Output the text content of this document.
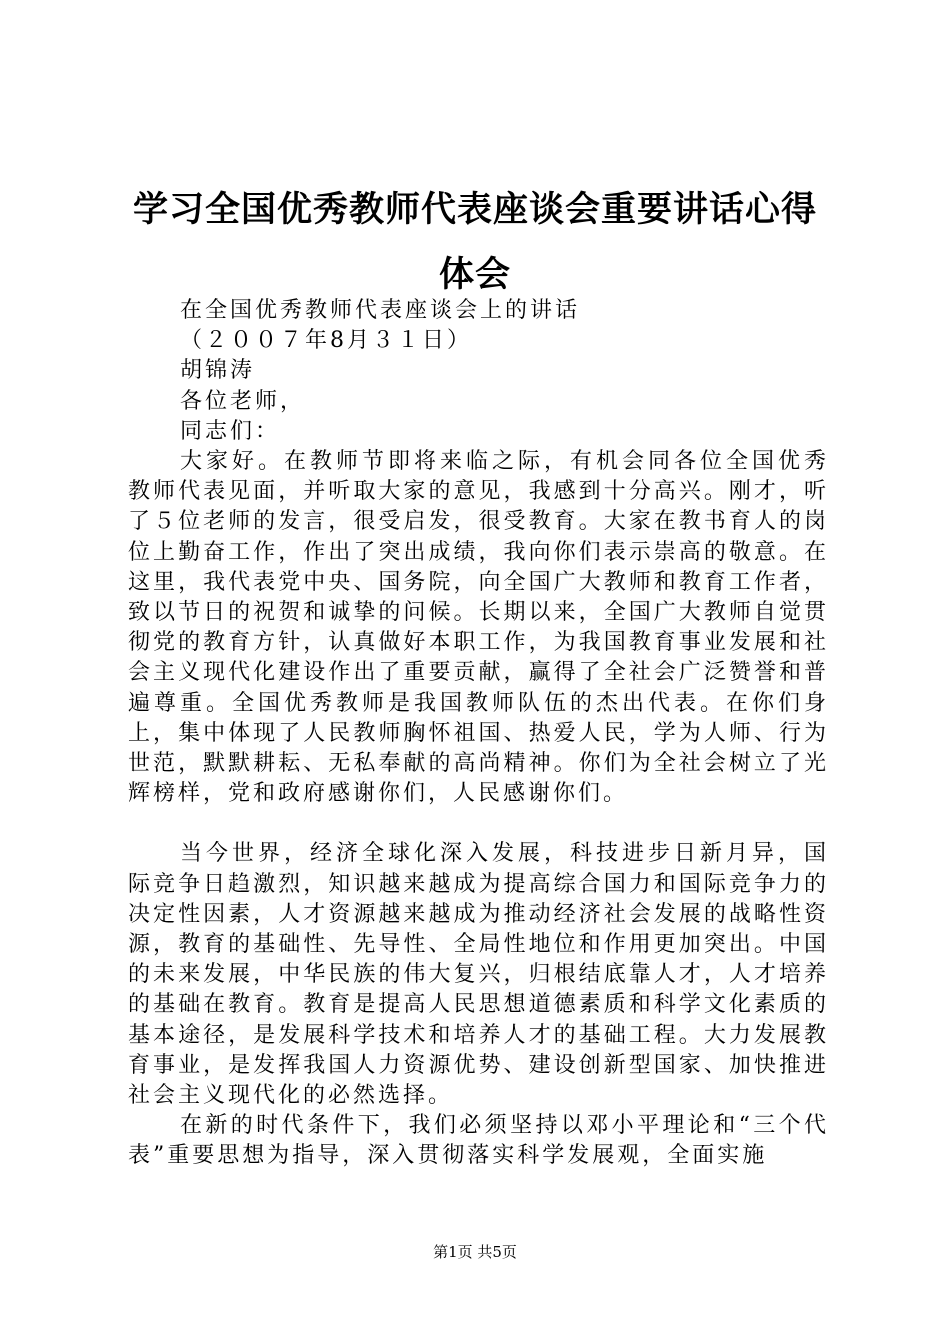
学习全国优秀教师代表座谈会重要讲话心得体会
在全国优秀教师代表座谈会上的讲话
（２００７年8月３１日）
胡锦涛
各位老师，
同志们：

大家好。在教师节即将来临之际，有机会同各位全国优秀教师代表见面，并听取大家的意见，我感到十分高兴。刚才，听了５位老师的发言，很受启发，很受教育。大家在教书育人的岗位上勤奋工作，作出了突出成绩，我向你们表示崇高的敬意。在这里，我代表党中央、国务院，向全国广大教师和教育工作者，致以节日的祝贺和诚挚的问候。长期以来，全国广大教师自觉贯彻党的教育方针，认真做好本职工作，为我国教育事业发展和社会主义现代化建设作出了重要贡献，赢得了全社会广泛赞誉和普遍尊重。全国优秀教师是我国教师队伍的杰出代表。在你们身上，集中体现了人民教师胸怀祖国、热爱人民，学为人师、行为世范，默默耕耘、无私奉献的高尚精神。你们为全社会树立了光辉榜样，党和政府感谢你们，人民感谢你们。

当今世界，经济全球化深入发展，科技进步日新月异，国际竞争日趋激烈，知识越来越成为提高综合国力和国际竞争力的决定性因素，人才资源越来越成为推动经济社会发展的战略性资源，教育的基础性、先导性、全局性地位和作用更加突出。中国的未来发展，中华民族的伟大复兴，归根结底靠人才，人才培养的基础在教育。教育是提高人民思想道德素质和科学文化素质的基本途径，是发展科学技术和培养人才的基础工程。大力发展教育事业，是发挥我国人力资源优势、建设创新型国家、加快推进社会主义现代化的必然选择。

在新的时代条件下，我们必须坚持以邓小平理论和“三个代表”重要思想为指导，深入贯彻落实科学发展观，全面实施

第1页 共5页
